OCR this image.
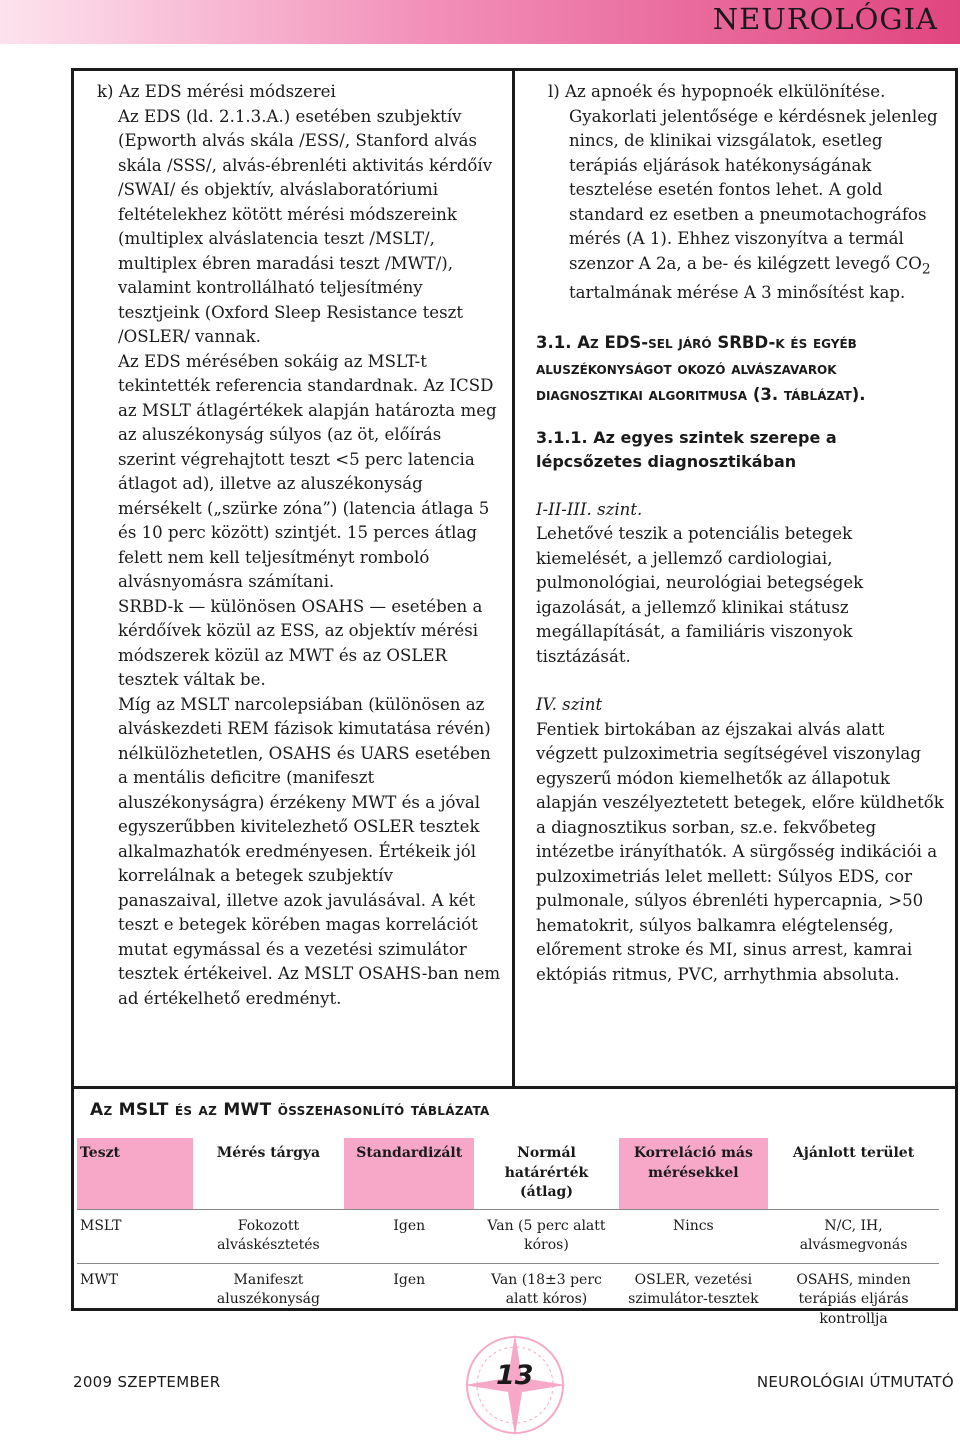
NEUROLÓGIA

k) Az EDS mérési módszerei

Az EDS (ld. 2.1.3.A.) esetében szubjektív (Epworth alvás skála /ESS/, Stanford alvás skála /SSS/, alvás-ébrenléti aktivitás kérdőív /SWAI/ és objektív, alváslaboratóriumi feltételekhez kötött mérési módszereink (multiplex alváslatencia teszt /MSLT/, multiplex ébren maradási teszt /MWT/), valamint kontrollálható teljesítmény tesztjeink (Oxford Sleep Resistance teszt /OSLER/ vannak.

Az EDS mérésében sokáig az MSLT-t tekintették referencia standardnak. Az ICSD az MSLT átlagértékek alapján határozta meg az aluszékonyság súlyos (az öt, előírás szerint végrehajtott teszt <5 perc latencia átlagot ad), illetve az aluszékonyság mérsékelt („szürke zóna”) (latencia átlaga 5 és 10 perc között) szintjét. 15 perces átlag felett nem kell teljesítményt romboló alvásnyomásra számítani.

SRBD-k — különösen OSAHS — esetében a kérdőívek közül az ESS, az objektív mérési módszerek közül az MWT és az OSLER tesztek váltak be.

Míg az MSLT narcolepsiában (különösen az alváskezdeti REM fázisok kimutatása révén) nélkülözhetetlen, OSAHS és UARS esetében a mentális deficitre (manifeszt aluszékonyságra) érzékeny MWT és a jóval egyszerűbben kivitelezhető OSLER tesztek alkalmazhatók eredményesen. Értékeik jól korrelálnak a betegek szubjektív panaszaival, illetve azok javulásával. A két teszt e betegek körében magas korrelációt mutat egymással és a vezetési szimulátor tesztek értékeivel. Az MSLT OSAHS-ban nem ad értékelhető eredményt.

l) Az apnoék és hypopnoék elkülönítése. Gyakorlati jelentősége e kérdésnek jelenleg nincs, de klinikai vizsgálatok, esetleg terápiás eljárások hatékonyságának tesztelése esetén fontos lehet. A gold standard ez esetben a pneumotachográfos mérés (A 1). Ehhez viszonyítva a termál szenzor A 2a, a be- és kilégzett levegő $CO_2$ tartalmának mérése A 3 minősítést kap.

3.1. Az EDS-sel járó SRBD-k és egyéb aluszékonyságot okozó alvászavarok diagnosztikai algoritmusa (3. táblázat).

3.1.1. Az egyes szintek szerepe a lépcsőzetes diagnosztikában

I-II-III. szint.

Lehetővé teszik a potenciális betegek kiemelését, a jellemző cardiologiai, pulmonológiai, neurológiai betegségek igazolását, a jellemző klinikai státusz megállapítását, a familiáris viszonyok tisztázását.

IV. szint

Fentiek birtokában az éjszakai alvás alatt végzett pulzoximetria segítségével viszonylag egyszerű módon kiemelhetők az állapotuk alapján veszélyeztetett betegek, előre küldhetők a diagnosztikus sorban, sz.e. fekvőbeteg intézetbe irányíthatók. A sürgősség indikációi a pulzoximetriás lelet mellett: Súlyos EDS, cor pulmonale, súlyos ébrenléti hypercapnia, >50 hematokrit, súlyos balkamra elégtelenség, előrement stroke és MI, sinus arrest, kamrai ektópiás ritmus, PVC, arrhythmia absoluta.

Az MSLT és az MWT összehasonlító táblázata
Teszt	Mérés tárgya	Standardizált	Normál határérték (átlag)	Korreláció más mérésekkel	Ajánlott terület
MSLT	Fokozott alváskésztetés	Igen	Van (5 perc alatt kóros)	Nincs	N/C, IH, alvásmegvonás
MWT	Manifeszt aluszékonyság	Igen	Van (18±3 perc alatt kóros)	OSLER, vezetési szimulátor-tesztek	OSAHS, minden terápiás eljárás kontrollja
2009 SZEPTEMBER	13	NEUROLÓGIAI ÚTMUTATÓ
